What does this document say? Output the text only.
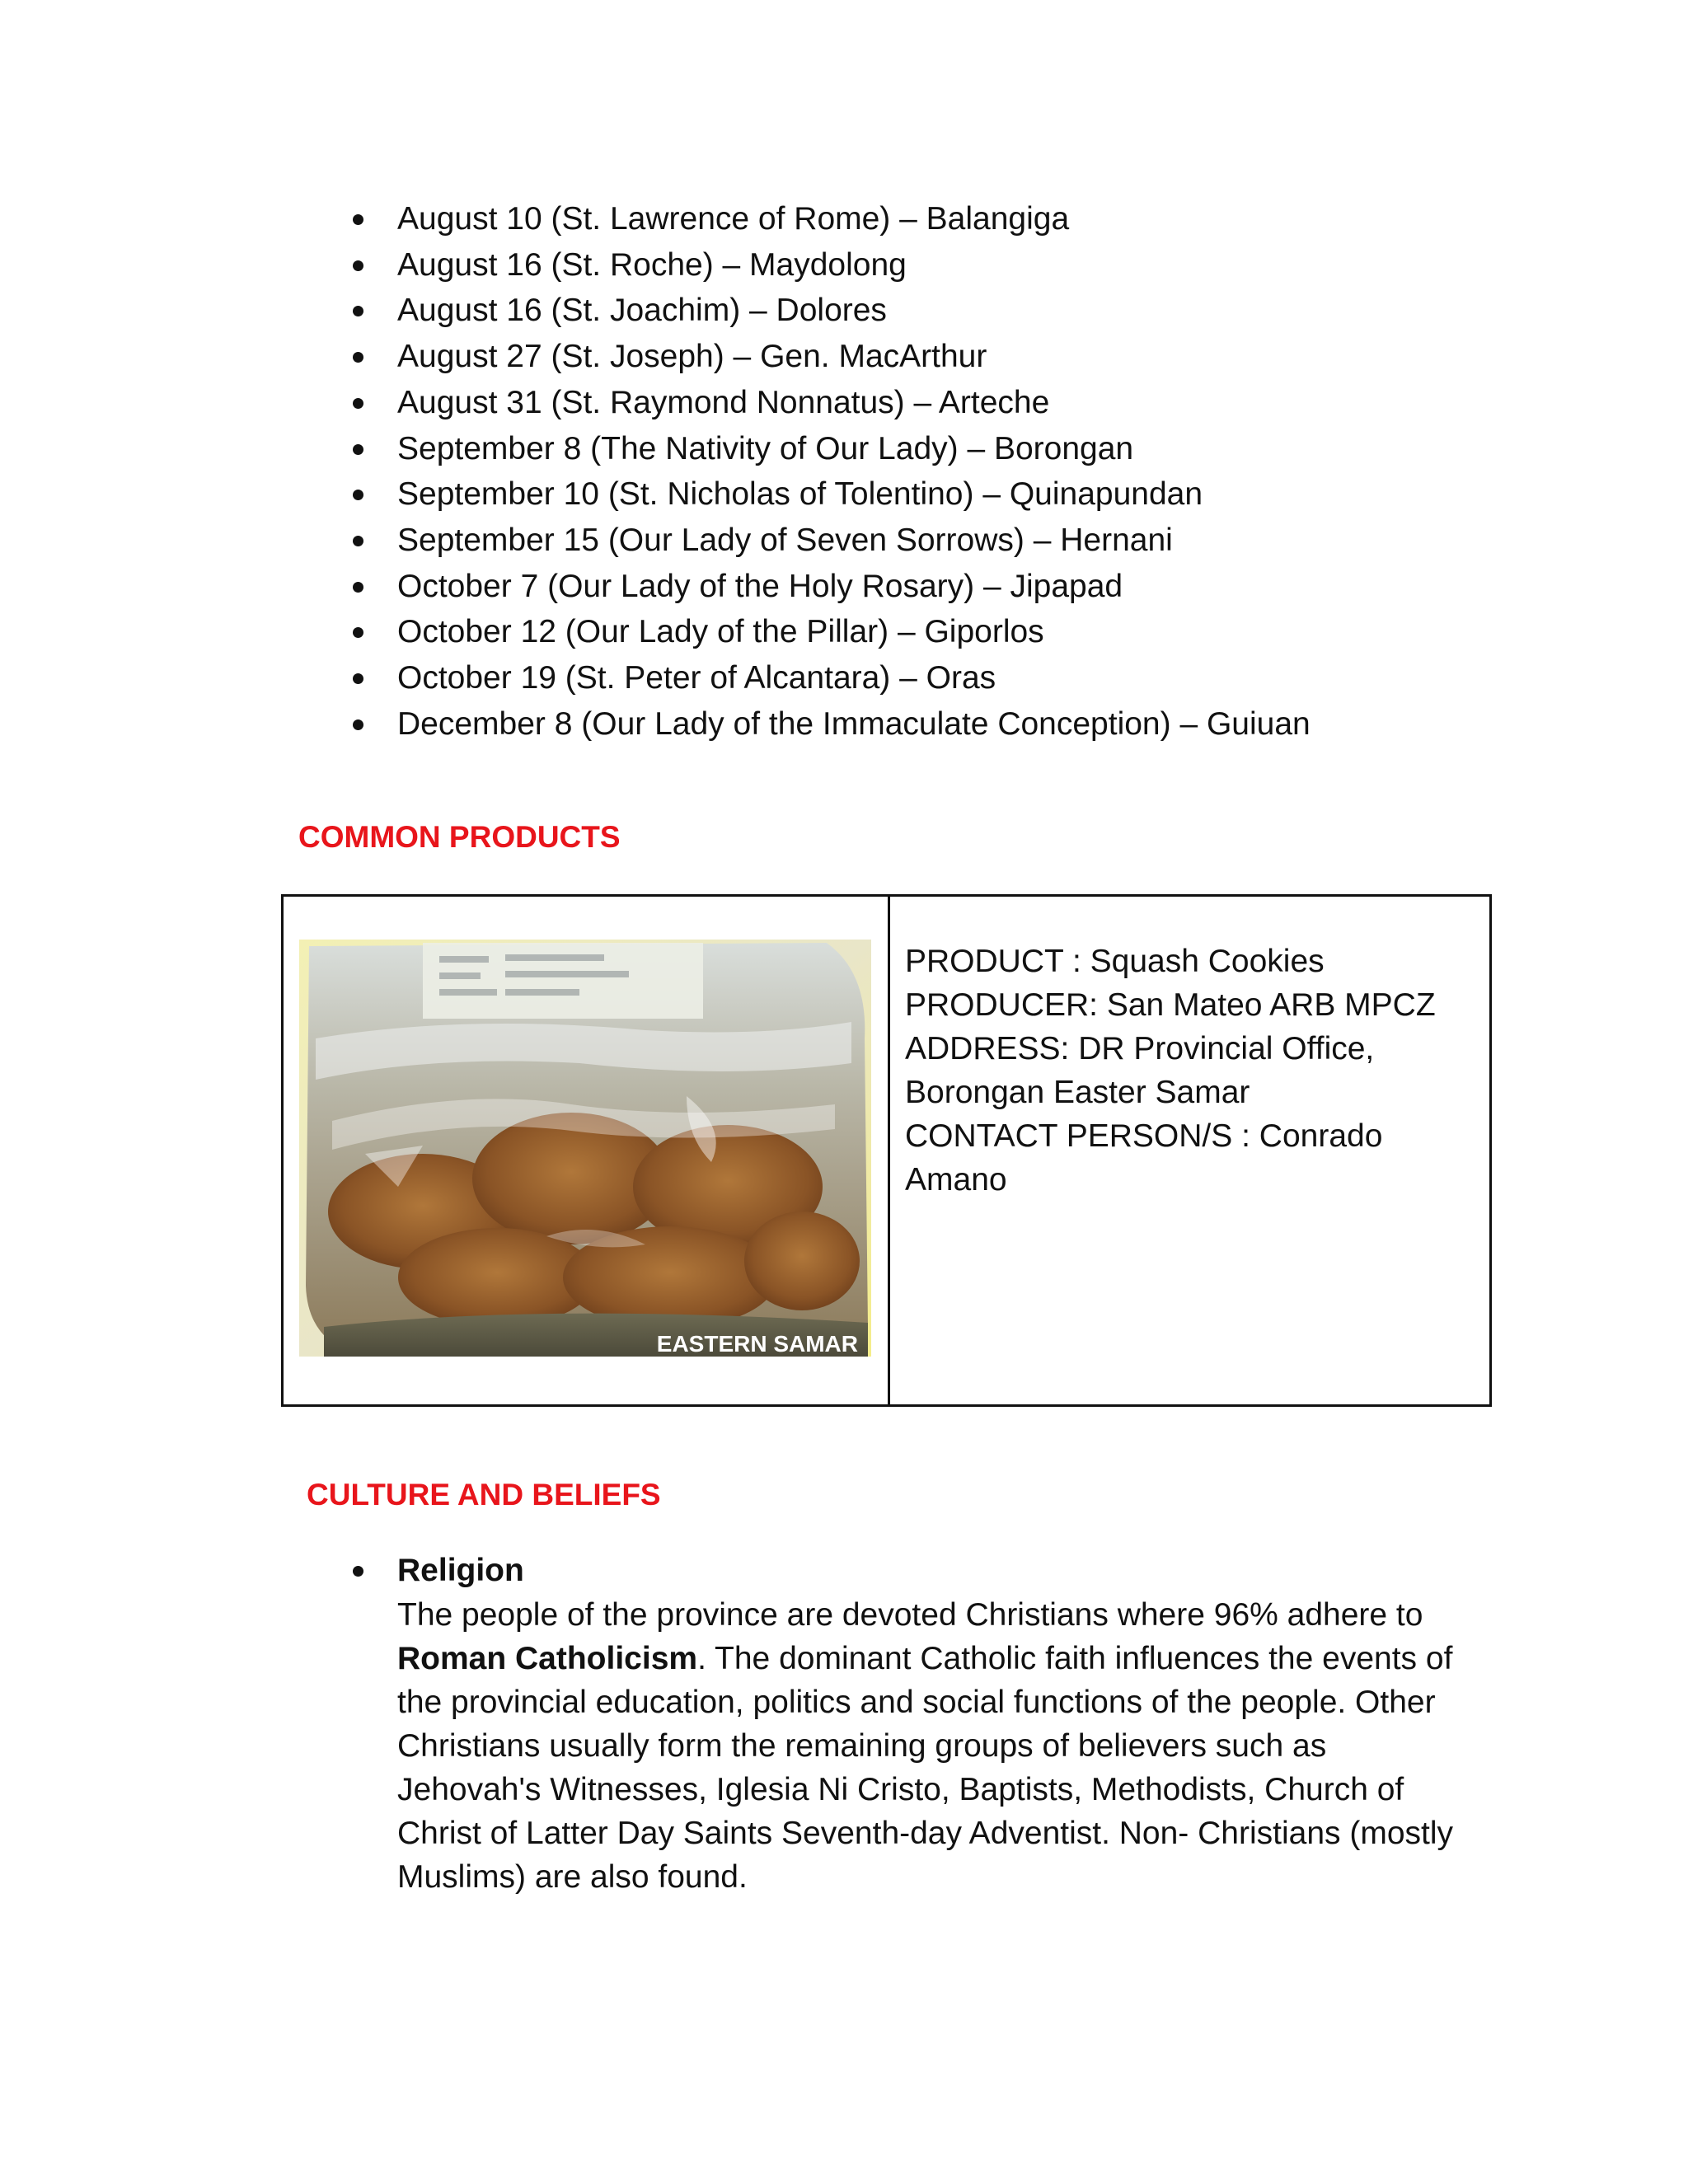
August 10 (St. Lawrence of Rome) – Balangiga
August 16 (St. Roche) – Maydolong
August 16 (St. Joachim) – Dolores
August 27 (St. Joseph) – Gen. MacArthur
August 31 (St. Raymond Nonnatus) – Arteche
September 8 (The Nativity of Our Lady) – Borongan
September 10 (St. Nicholas of Tolentino) – Quinapundan
September 15 (Our Lady of Seven Sorrows) – Hernani
October 7 (Our Lady of the Holy Rosary) – Jipapad
October 12 (Our Lady of the Pillar) – Giporlos
October 19 (St. Peter of Alcantara) – Oras
December 8 (Our Lady of the Immaculate Conception) – Guiuan
COMMON PRODUCTS
EASTERN SAMAR
PRODUCT : Squash Cookies
PRODUCER: San Mateo ARB MPCZ
ADDRESS: DR Provincial Office,
Borongan Easter Samar
CONTACT PERSON/S : Conrado
Amano
CULTURE AND BELIEFS
Religion
The people of the province are devoted Christians where 96% adhere to
Roman Catholicism. The dominant Catholic faith influences the events of
the provincial education, politics and social functions of the people. Other
Christians usually form the remaining groups of believers such as
Jehovah's Witnesses, Iglesia Ni Cristo, Baptists, Methodists, Church of
Christ of Latter Day Saints Seventh-day Adventist. Non- Christians (mostly
Muslims) are also found.
